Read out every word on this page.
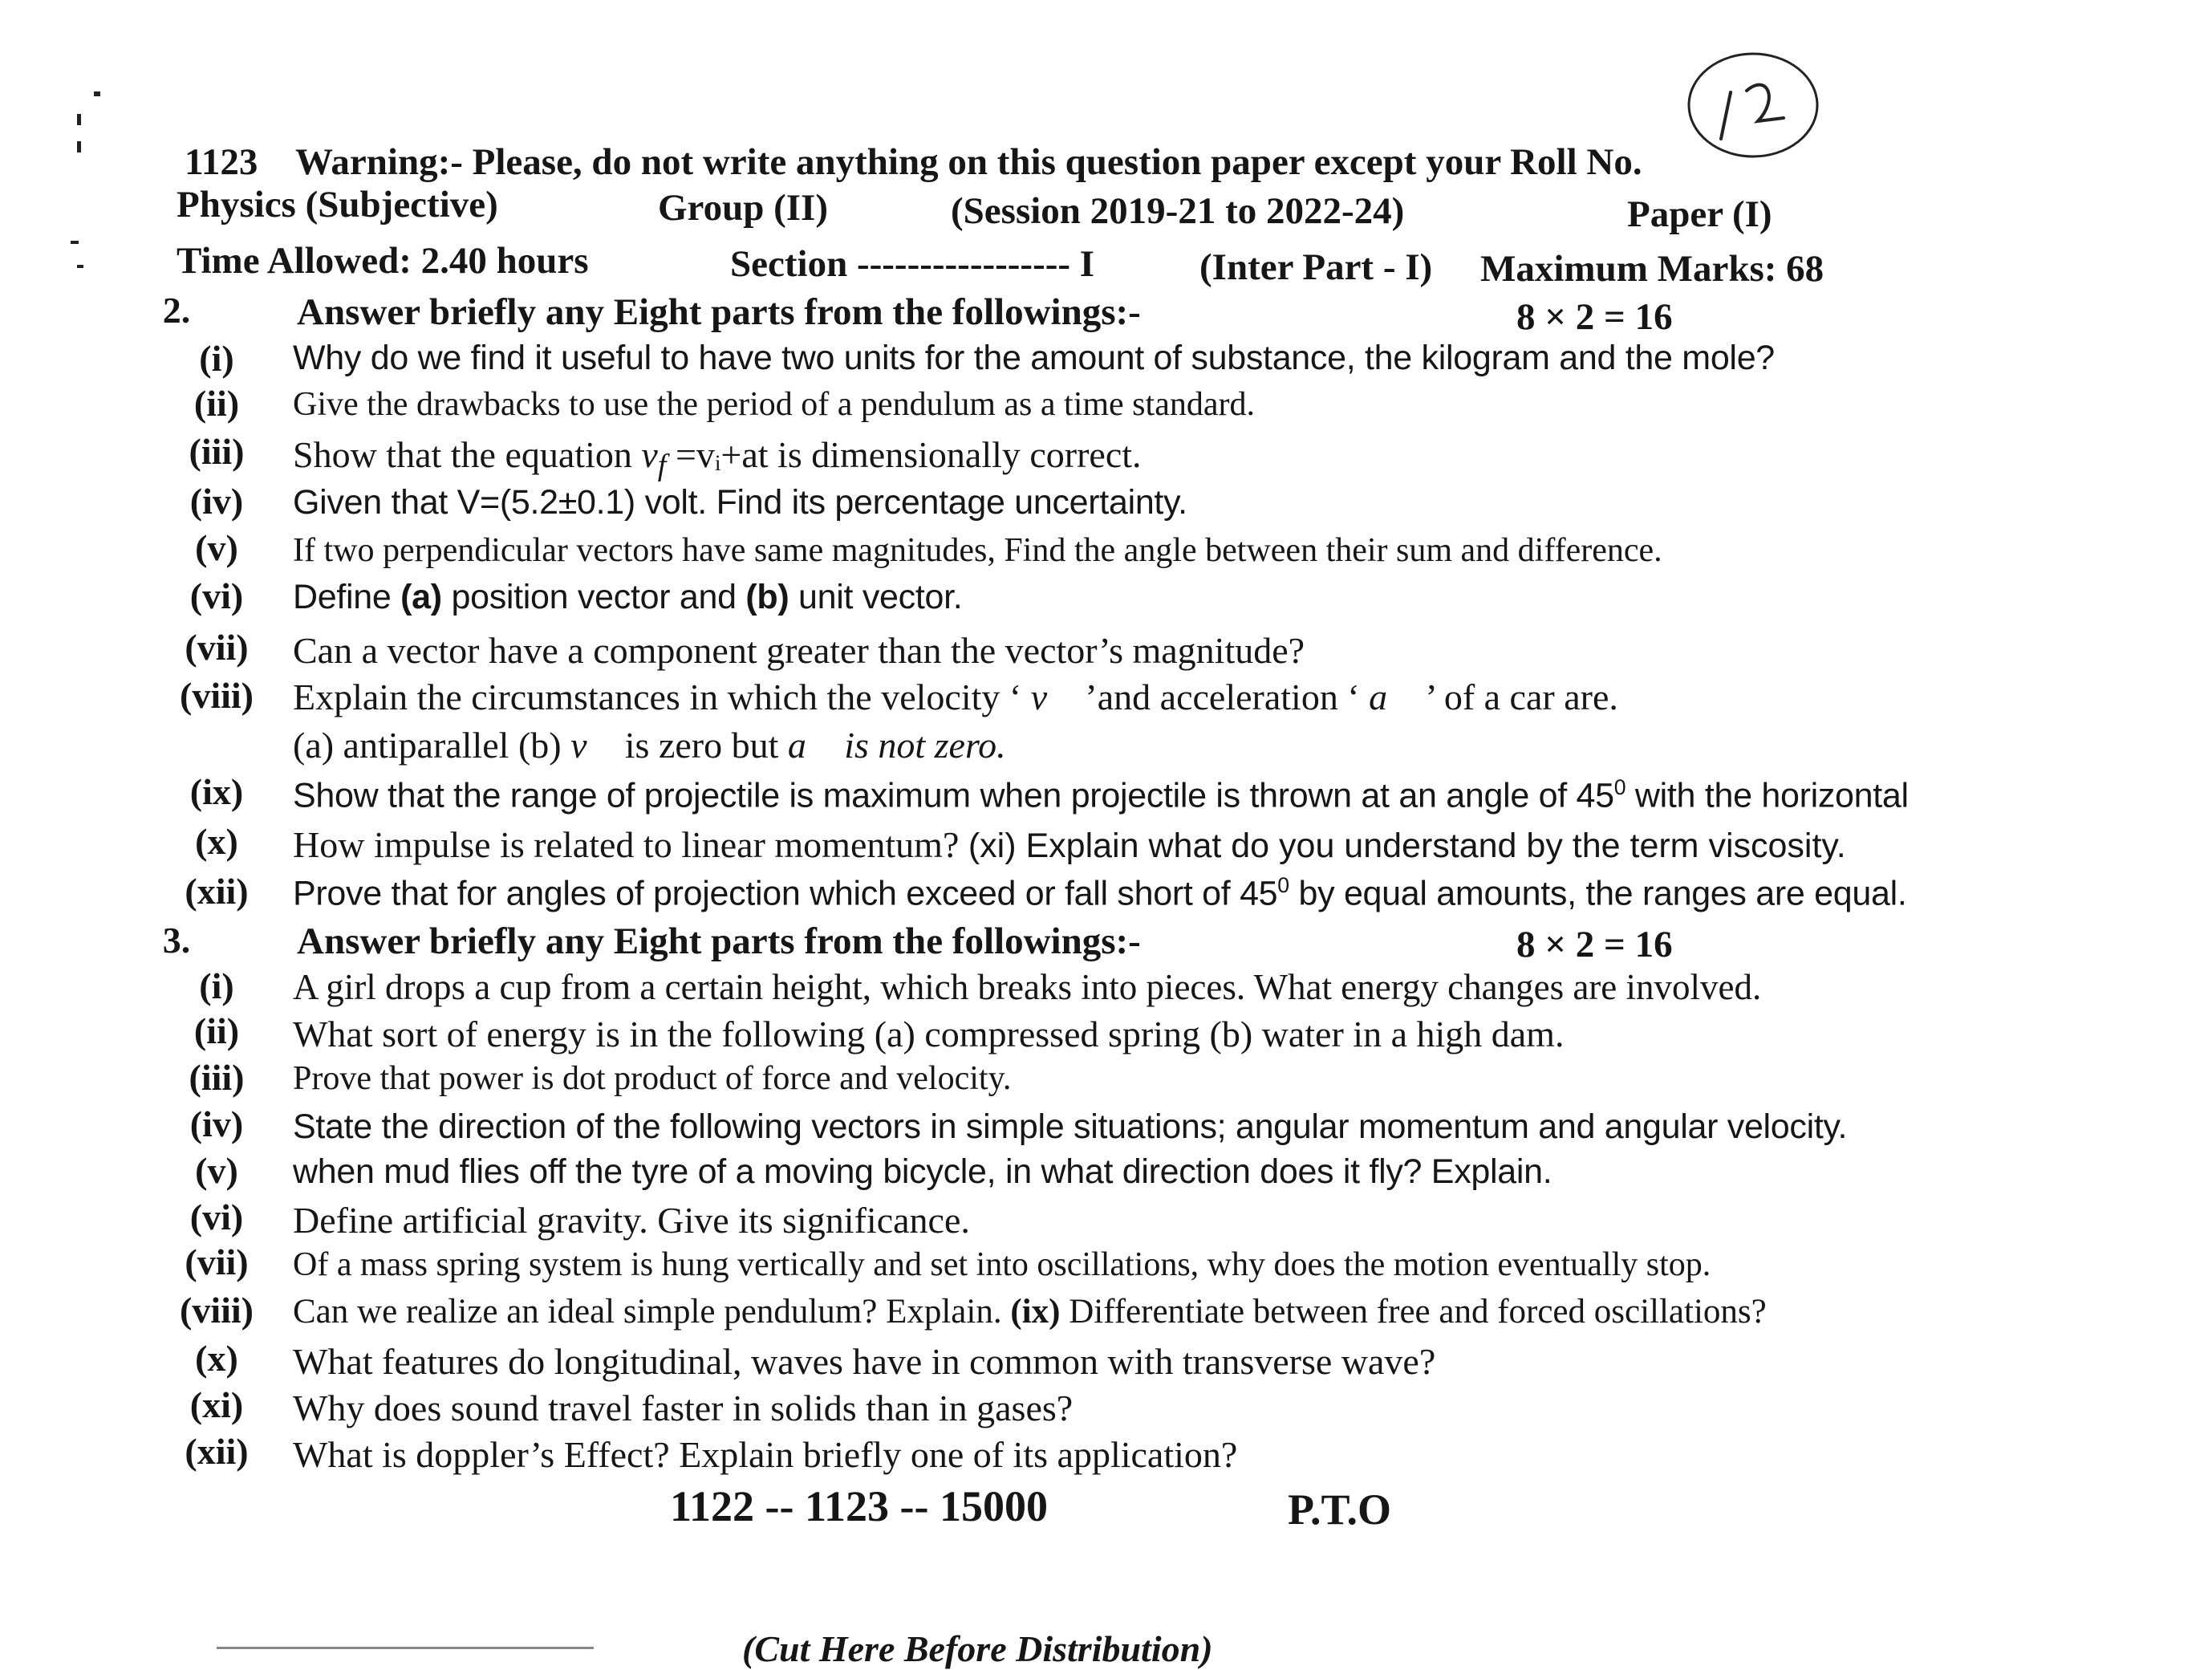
1123 Warning:- Please, do not write anything on this question paper except your Roll No.
Physics (Subjective)	Group (II)	(Session 2019-21 to 2022-24)	Paper (I)
Time Allowed: 2.40 hours	Section ----------------- I	(Inter Part - I) Maximum Marks: 68
2.	Answer briefly any Eight parts from the followings:-	8 × 2 = 16
(i)	Why do we find it useful to have two units for the amount of substance, the kilogram and the mole?
(ii)	Give the drawbacks to use the period of a pendulum as a time standard.
(iii)	Show that the equation $v_f$ =vᵢ+at is dimensionally correct.
(iv)	Given that V=(5.2±0.1) volt. Find its percentage uncertainty.
(v)	If two perpendicular vectors have same magnitudes, Find the angle between their sum and difference.
(vi)	Define (a) position vector and (b) unit vector.
(vii)	Can a vector have a component greater than the vector’s magnitude?
(viii)	Explain the circumstances in which the velocity ‘ v⃗ ’and acceleration ‘ a⃗ ’ of a car are.
(a) antiparallel (b) v⃗ is zero but a⃗ is not zero.
(ix)	Show that the range of projectile is maximum when projectile is thrown at an angle of $45^0$ with the horizontal
(x)	How impulse is related to linear momentum? (xi) Explain what do you understand by the term viscosity.
(xii)	Prove that for angles of projection which exceed or fall short of $45^0$ by equal amounts, the ranges are equal.
3.	Answer briefly any Eight parts from the followings:-	8 × 2 = 16
(i)	A girl drops a cup from a certain height, which breaks into pieces. What energy changes are involved.
(ii)	What sort of energy is in the following (a) compressed spring (b) water in a high dam.
(iii)	Prove that power is dot product of force and velocity.
(iv)	State the direction of the following vectors in simple situations; angular momentum and angular velocity.
(v)	when mud flies off the tyre of a moving bicycle, in what direction does it fly? Explain.
(vi)	Define artificial gravity. Give its significance.
(vii)	Of a mass spring system is hung vertically and set into oscillations, why does the motion eventually stop.
(viii)	Can we realize an ideal simple pendulum? Explain. (ix) Differentiate between free and forced oscillations?
(x)	What features do longitudinal, waves have in common with transverse wave?
(xi)	Why does sound travel faster in solids than in gases?
(xii)	What is doppler’s Effect? Explain briefly one of its application?
1122 -- 1123 -- 15000	P.T.O
(Cut Here Before Distribution)
